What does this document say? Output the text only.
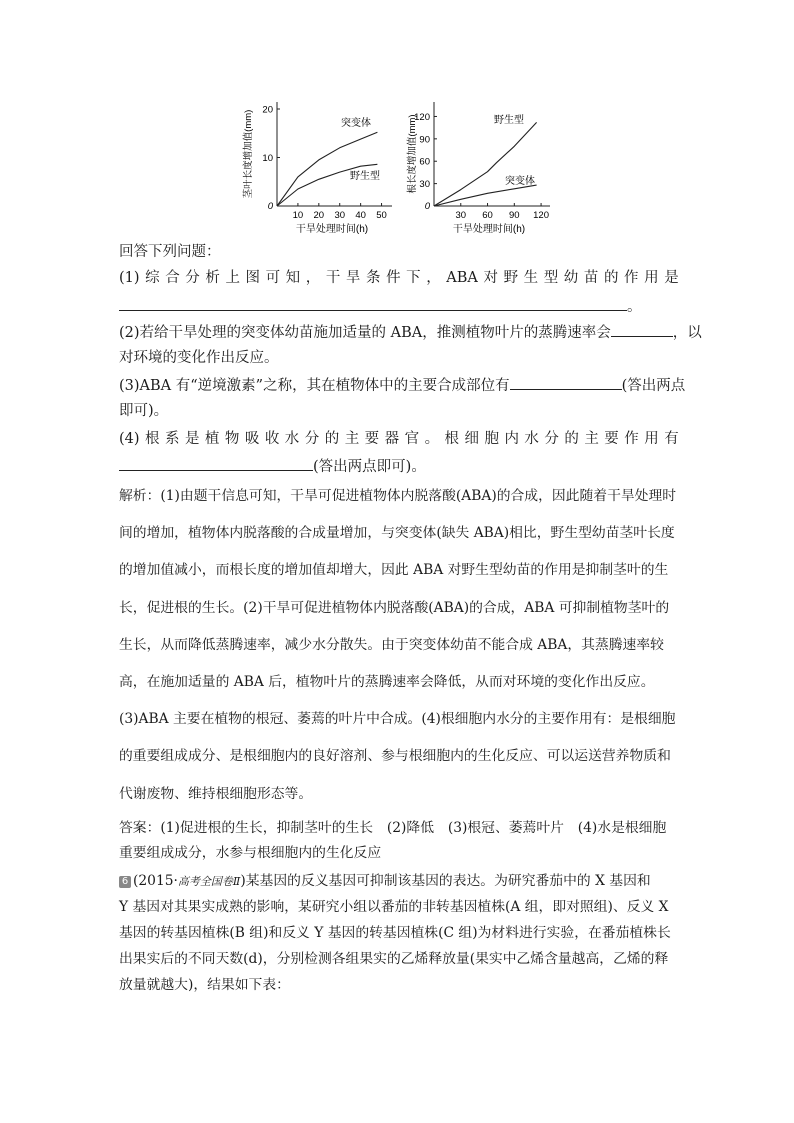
茎叶长度增加值(mm)
干旱处理时间(h)
10 20 30 40 50
0
10
20
突变体
野生型	根长度增加值(mm)
干旱处理时间(h)
30 60 90 120
0
30
60
90
120	野生型
突变体
回答下列问题：
(1) 综 合 分 析 上 图 可 知 ， 干 旱 条 件 下 ， ABA 对 野 生 型 幼 苗 的 作 用 是
。
(2)若给干旱处理的突变体幼苗施加适量的 ABA，推测植物叶片的蒸腾速率会	，以
对环境的变化作出反应。
(3)ABA 有“逆境激素”之称，其在植物体中的主要合成部位有	(答出两点
即可)。
(4) 根 系 是 植 物 吸 收 水 分 的 主 要 器 官 。 根 细 胞 内 水 分 的 主 要 作 用 有
(答出两点即可)。
解析：(1)由题干信息可知，干旱可促进植物体内脱落酸(ABA)的合成，因此随着干旱处理时
间的增加，植物体内脱落酸的合成量增加，与突变体(缺失 ABA)相比，野生型幼苗茎叶长度
的增加值减小，而根长度的增加值却增大，因此 ABA 对野生型幼苗的作用是抑制茎叶的生
长，促进根的生长。(2)干旱可促进植物体内脱落酸(ABA)的合成，ABA 可抑制植物茎叶的
生长，从而降低蒸腾速率，减少水分散失。由于突变体幼苗不能合成 ABA，其蒸腾速率较
高，在施加适量的 ABA 后，植物叶片的蒸腾速率会降低，从而对环境的变化作出反应。
(3)ABA 主要在植物的根冠、萎蔫的叶片中合成。(4)根细胞内水分的主要作用有：是根细胞
的重要组成成分、是根细胞内的良好溶剂、参与根细胞内的生化反应、可以运送营养物质和
代谢废物、维持根细胞形态等。
答案：(1)促进根的生长，抑制茎叶的生长　(2)降低　(3)根冠、萎蔫叶片　(4)水是根细胞
重要组成成分，水参与根细胞内的生化反应
6 (2015·高考全国卷Ⅱ)某基因的反义基因可抑制该基因的表达。为研究番茄中的 X 基因和
Y 基因对其果实成熟的影响，某研究小组以番茄的非转基因植株(A 组，即对照组)、反义 X
基因的转基因植株(B 组)和反义 Y 基因的转基因植株(C 组)为材料进行实验，在番茄植株长
出果实后的不同天数(d)，分别检测各组果实的乙烯释放量(果实中乙烯含量越高，乙烯的释
放量就越大)，结果如下表：
